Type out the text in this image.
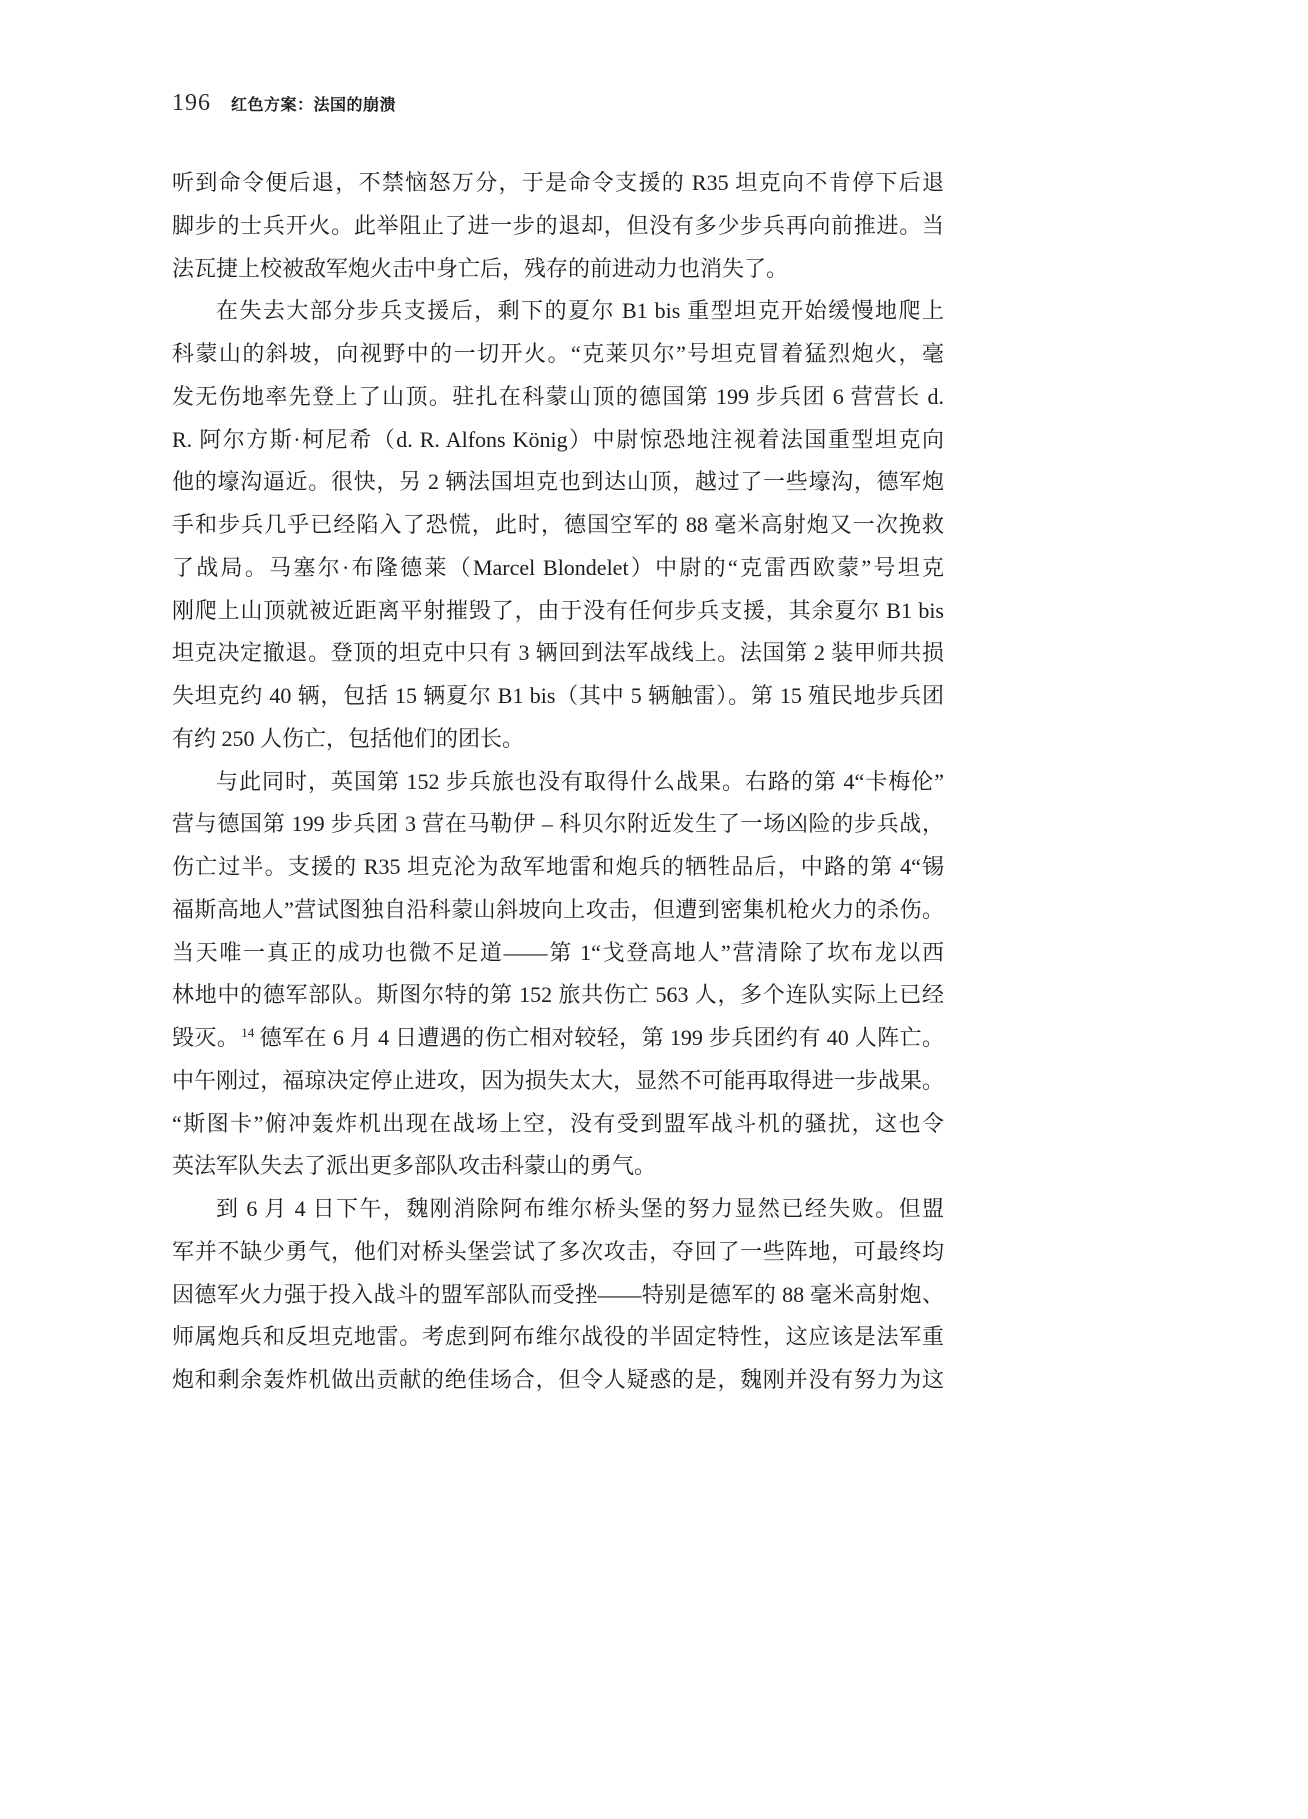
196 红色方案：法国的崩溃
听到命令便后退，不禁恼怒万分，于是命令支援的 R35 坦克向不肯停下后退
脚步的士兵开火。此举阻止了进一步的退却，但没有多少步兵再向前推进。当
法瓦捷上校被敌军炮火击中身亡后，残存的前进动力也消失了。
在失去大部分步兵支援后，剩下的夏尔 B1 bis 重型坦克开始缓慢地爬上
科蒙山的斜坡，向视野中的一切开火。“克莱贝尔”号坦克冒着猛烈炮火，毫
发无伤地率先登上了山顶。驻扎在科蒙山顶的德国第 199 步兵团 6 营营长 d.
R. 阿尔方斯·柯尼希（d. R. Alfons König）中尉惊恐地注视着法国重型坦克向
他的壕沟逼近。很快，另 2 辆法国坦克也到达山顶，越过了一些壕沟，德军炮
手和步兵几乎已经陷入了恐慌，此时，德国空军的 88 毫米高射炮又一次挽救
了战局。马塞尔·布隆德莱（Marcel Blondelet）中尉的“克雷西欧蒙”号坦克
刚爬上山顶就被近距离平射摧毁了，由于没有任何步兵支援，其余夏尔 B1 bis
坦克决定撤退。登顶的坦克中只有 3 辆回到法军战线上。法国第 2 装甲师共损
失坦克约 40 辆，包括 15 辆夏尔 B1 bis（其中 5 辆触雷）。第 15 殖民地步兵团
有约 250 人伤亡，包括他们的团长。
与此同时，英国第 152 步兵旅也没有取得什么战果。右路的第 4“卡梅伦”
营与德国第 199 步兵团 3 营在马勒伊 – 科贝尔附近发生了一场凶险的步兵战，
伤亡过半。支援的 R35 坦克沦为敌军地雷和炮兵的牺牲品后，中路的第 4“锡
福斯高地人”营试图独自沿科蒙山斜坡向上攻击，但遭到密集机枪火力的杀伤。
当天唯一真正的成功也微不足道——第 1“戈登高地人”营清除了坎布龙以西
林地中的德军部队。斯图尔特的第 152 旅共伤亡 563 人，多个连队实际上已经
毁灭。 $^{14}$ 德军在 6 月 4 日遭遇的伤亡相对较轻，第 199 步兵团约有 40 人阵亡。
中午刚过，福琼决定停止进攻，因为损失太大，显然不可能再取得进一步战果。
“斯图卡”俯冲轰炸机出现在战场上空，没有受到盟军战斗机的骚扰，这也令
英法军队失去了派出更多部队攻击科蒙山的勇气。
到 6 月 4 日下午，魏刚消除阿布维尔桥头堡的努力显然已经失败。但盟
军并不缺少勇气，他们对桥头堡尝试了多次攻击，夺回了一些阵地，可最终均
因德军火力强于投入战斗的盟军部队而受挫——特别是德军的 88 毫米高射炮、
师属炮兵和反坦克地雷。考虑到阿布维尔战役的半固定特性，这应该是法军重
炮和剩余轰炸机做出贡献的绝佳场合，但令人疑惑的是，魏刚并没有努力为这
